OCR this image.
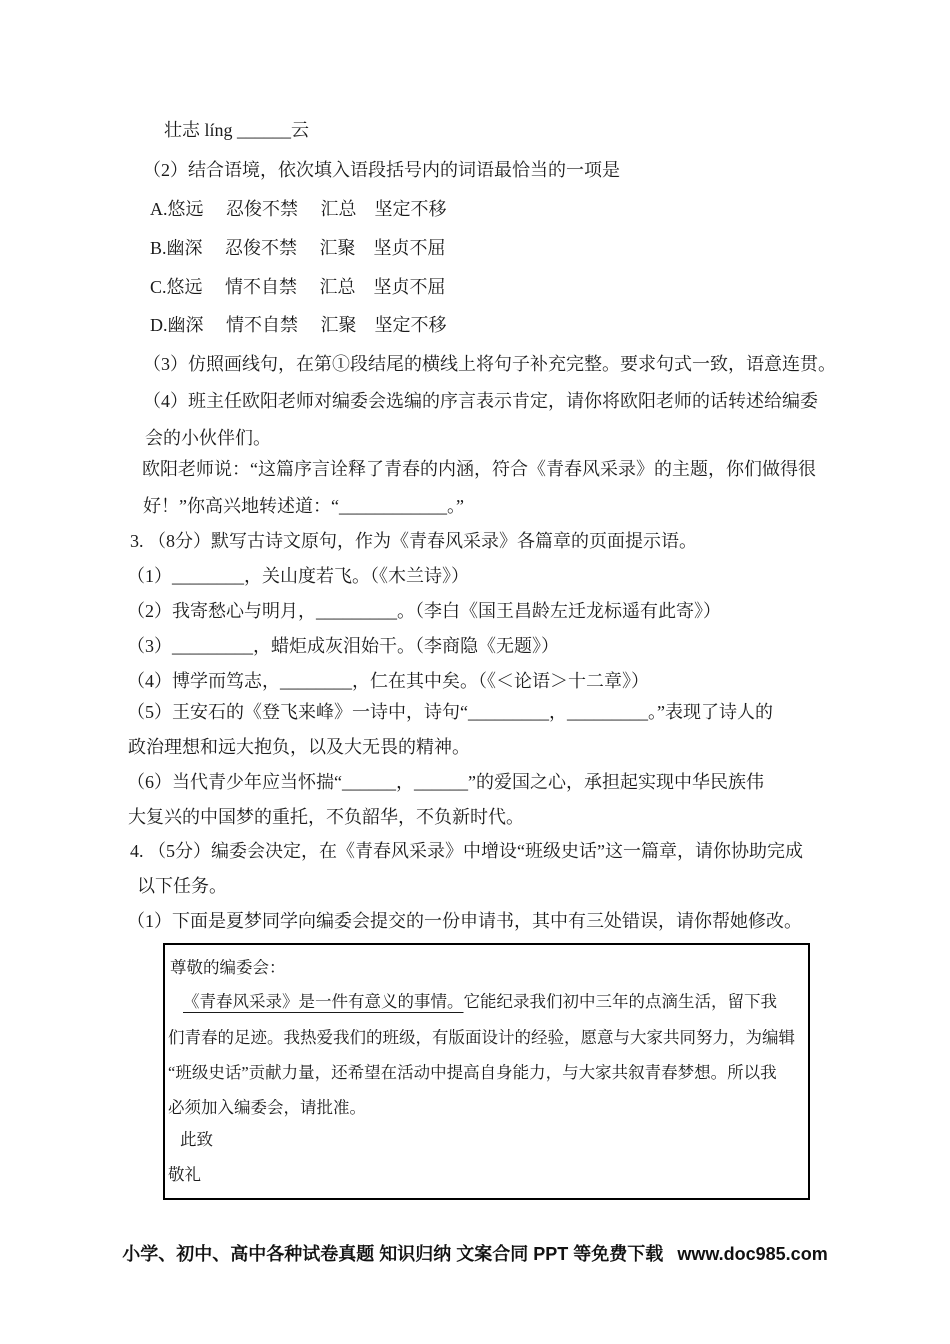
壮志 líng ______云
（2）结合语境，依次填入语段括号内的词语最恰当的一项是
A.悠远　 忍俊不禁　 汇总　坚定不移
B.幽深　 忍俊不禁　 汇聚　坚贞不屈
C.悠远　 情不自禁　 汇总　坚贞不屈
D.幽深　 情不自禁　 汇聚　坚定不移
（3）仿照画线句，在第①段结尾的横线上将句子补充完整。要求句式一致，语意连贯。
（4）班主任欧阳老师对编委会选编的序言表示肯定，请你将欧阳老师的话转述给编委
会的小伙伴们。
欧阳老师说：“这篇序言诠释了青春的内涵，符合《青春风采录》的主题，你们做得很
好！”你高兴地转述道：“____________。”
3. （8分）默写古诗文原句，作为《青春风采录》各篇章的页面提示语。
（1）________，关山度若飞。（《木兰诗》）
（2）我寄愁心与明月，_________。（李白《国王昌龄左迁龙标遥有此寄》）
（3）_________，蜡炬成灰泪始干。（李商隐《无题》）
（4）博学而笃志，________，仁在其中矣。（《＜论语＞十二章》）
（5）王安石的《登飞来峰》一诗中，诗句“_________，_________。”表现了诗人的
政治理想和远大抱负，以及大无畏的精神。
（6）当代青少年应当怀揣“______，______”的爱国之心，承担起实现中华民族伟
大复兴的中国梦的重托，不负韶华，不负新时代。
4. （5分）编委会决定，在《青春风采录》中增设“班级史话”这一篇章，请你协助完成
以下任务。
（1）下面是夏梦同学向编委会提交的一份申请书，其中有三处错误，请你帮她修改。
尊敬的编委会：
《青春风采录》是一件有意义的事情。它能纪录我们初中三年的点滴生活，留下我
们青春的足迹。我热爱我们的班级，有版面设计的经验，愿意与大家共同努力，为编辑
“班级史话”贡献力量，还希望在活动中提高自身能力，与大家共叙青春梦想。所以我
必须加入编委会，请批准。
此致
敬礼
小学、初中、高中各种试卷真题 知识归纳 文案合同 PPT 等免费下载 www.doc985.com
